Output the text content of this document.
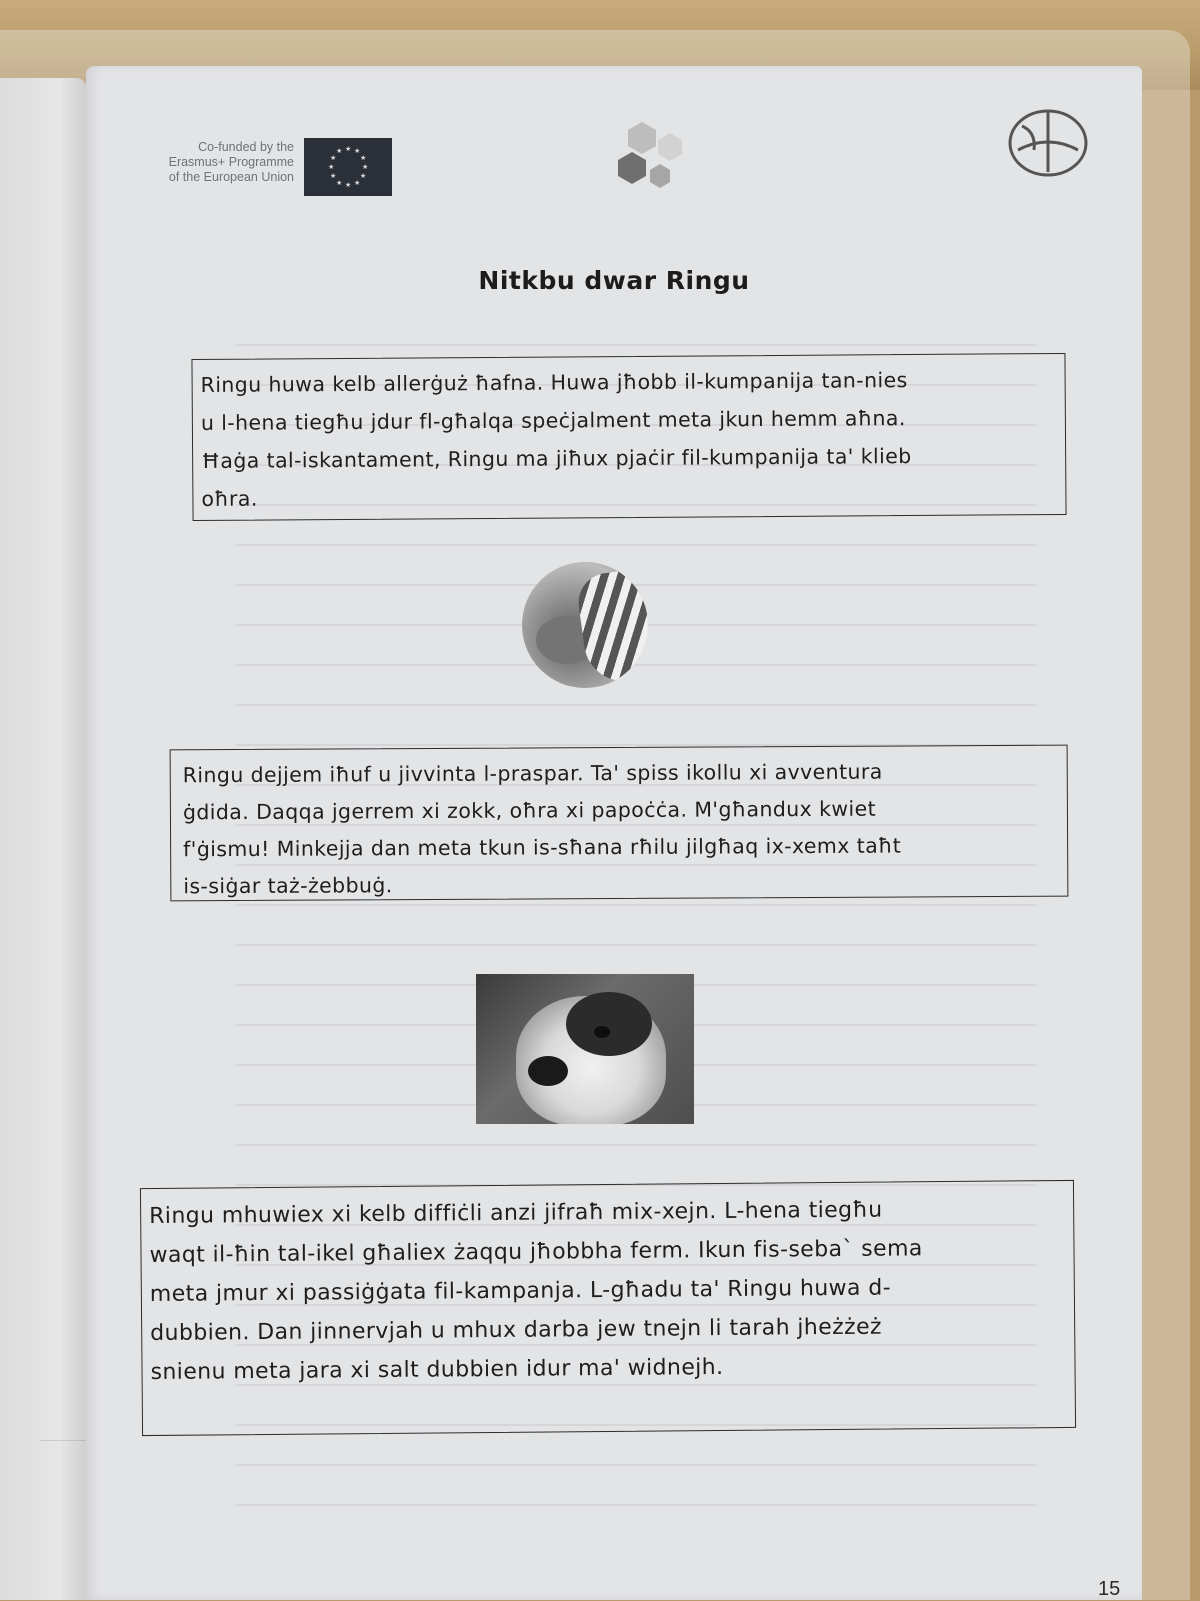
Co-funded by the
Erasmus+ Programme
of the European Union
★ ★
★
★
★
★
★
★
★
★
★
★
Nitkbu dwar Ringu

Ringu huwa kelb allerġuż ħafna. Huwa jħobb il-kumpanija tan-nies
u l-hena tiegħu jdur fl-għalqa speċjalment meta jkun hemm aħna.
Ħaġa tal-iskantament, Ringu ma jiħux pjaċir fil-kumpanija ta' klieb
oħra.

Ringu dejjem iħuf u jivvinta l-praspar. Ta' spiss ikollu xi avventura
ġdida. Daqqa jgerrem xi zokk, oħra xi papoċċa. M'għandux kwiet
f'ġismu! Minkejja dan meta tkun is-sħana rħilu jilgħaq ix-xemx taħt
is-siġar taż-żebbuġ.

Ringu mhuwiex xi kelb diffiċli anzi jifraħ mix-xejn. L-hena tiegħu
waqt il-ħin tal-ikel għaliex żaqqu jħobbha ferm. Ikun fis-seba` sema
meta jmur xi passiġġata fil-kampanja. L-għadu ta' Ringu huwa d-
dubbien. Dan jinnervjah u mhux darba jew tnejn li tarah jheżżeż
snienu meta jara xi salt dubbien idur ma' widnejh.

15
